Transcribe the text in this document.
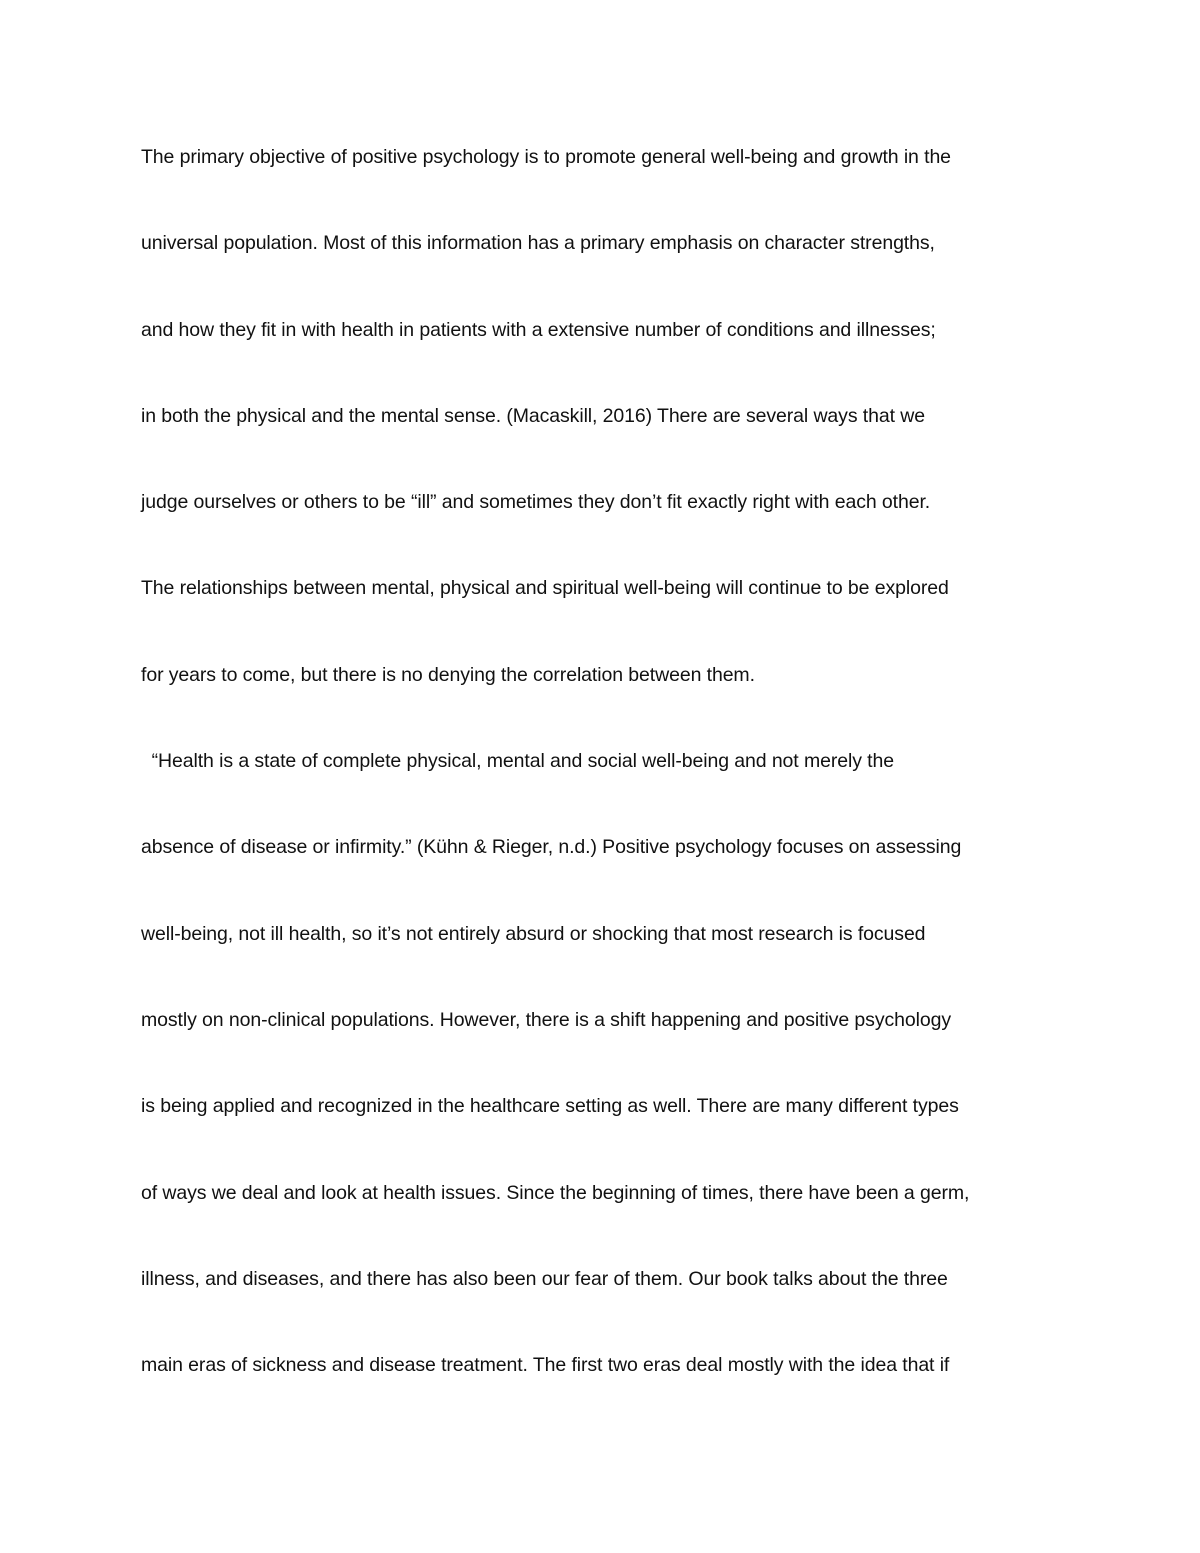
The primary objective of positive psychology is to promote general well-being and growth in the
universal population. Most of this information has a primary emphasis on character strengths,
and how they fit in with health in patients with a extensive number of conditions and illnesses;
in both the physical and the mental sense. (Macaskill, 2016) There are several ways that we
judge ourselves or others to be “ill” and sometimes they don’t fit exactly right with each other.
The relationships between mental, physical and spiritual well-being will continue to be explored
for years to come, but there is no denying the correlation between them.
“Health is a state of complete physical, mental and social well-being and not merely the
absence of disease or infirmity.” (Kühn & Rieger, n.d.) Positive psychology focuses on assessing
well-being, not ill health, so it’s not entirely absurd or shocking that most research is focused
mostly on non-clinical populations. However, there is a shift happening and positive psychology
is being applied and recognized in the healthcare setting as well. There are many different types
of ways we deal and look at health issues. Since the beginning of times, there have been a germ,
illness, and diseases, and there has also been our fear of them. Our book talks about the three
main eras of sickness and disease treatment. The first two eras deal mostly with the idea that if
